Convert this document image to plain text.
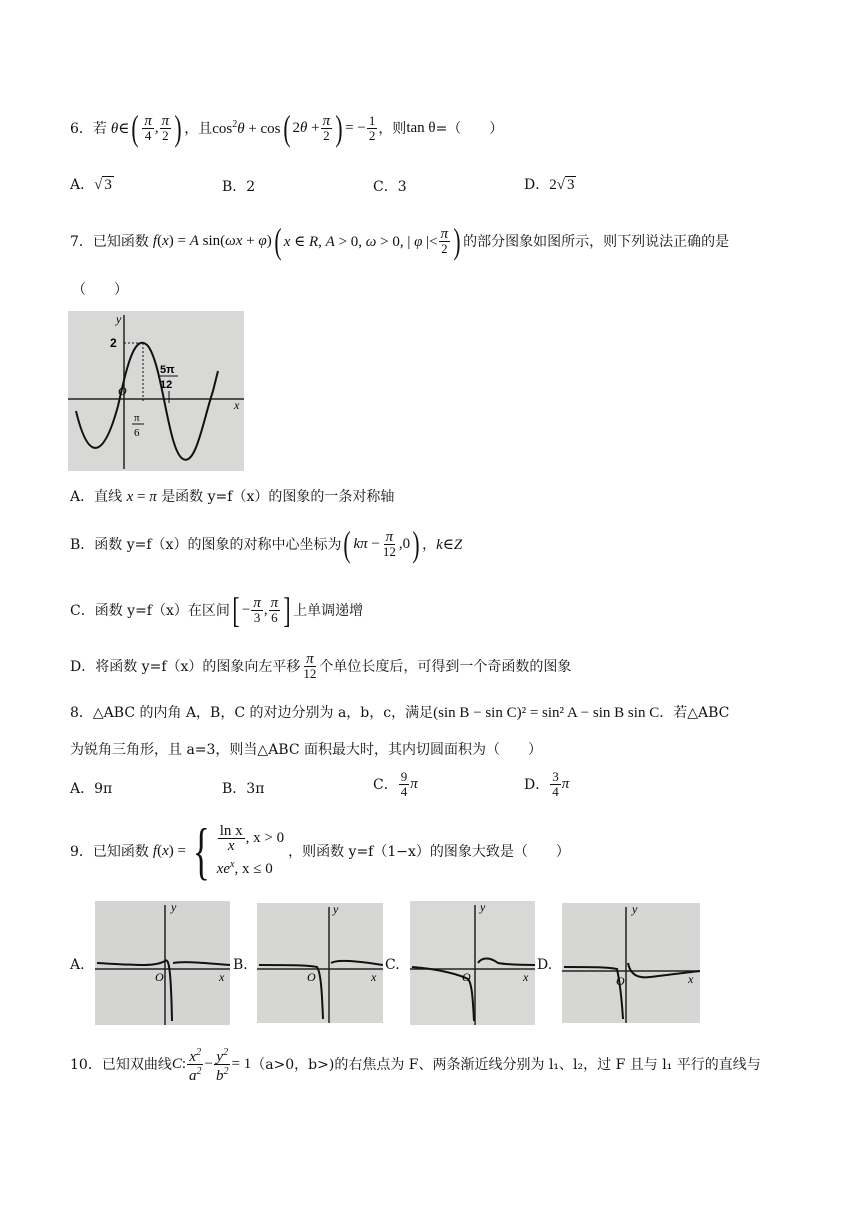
6．若 θ∈ ( $\frac{\pi}{4}$ , $\frac{\pi}{2}$ ) ，且 $\cos^2\theta + \cos$ ( $2\theta + \frac{\pi}{2}$ ) = − $\frac{1}{2}$ ，则 tan θ =（　　）
A．√ 3	B．2	C．3	D．2√ 3
7．已知函数 f(x) = A sin(ωx + φ) ( x ∈ R, A > 0, ω > 0, | φ |< $\frac{\pi}{2}$ ) 的部分图象如图所示，则下列说法正确的是
（　　）
y
x
O
2
π
6
5π
12
A．直线 x = π 是函数 y=f（x）的图象的一条对称轴
B．函数 y=f（x）的图象的对称中心坐标为 ( $k\pi - \frac{\pi}{12} ,0$ ) ， k∈Z
C．函数 y=f（x）在区间 [ − $\frac{\pi}{3}$ , $\frac{\pi}{6}$ ] 上单调递增
D．将函数 y=f（x）的图象向左平移 $\frac{\pi}{12}$ 个单位长度后，可得到一个奇函数的图象
8．△ABC 的内角 A，B，C 的对边分别为 a，b，c，满足(sin B − sin C)² = sin² A − sin B sin C．若△ABC
为锐角三角形，且 a=3，则当△ABC 面积最大时，其内切圆面积为（　　）
A．9π	B．3π	C． $\frac{9}{4}$ π	D． $\frac{3}{4}$ π
9．已知函数 f(x) = { $\frac{\text{ln x}}{x}$ , x > 0
$xe^x$, x ≤ 0
，则函数 y=f（1−x）的图象大致是（　　）
A.
y
O	x
B.
y
O	x
C.
y
O	x
D.
y
O	x
10．已知双曲线 C : $\frac{x^2}{a^2} - \frac{y^2}{b^2} = 1$ （a>0，b>)的右焦点为 F、两条渐近线分别为 l₁、l₂，过 F 且与 l₁ 平行的直线与
